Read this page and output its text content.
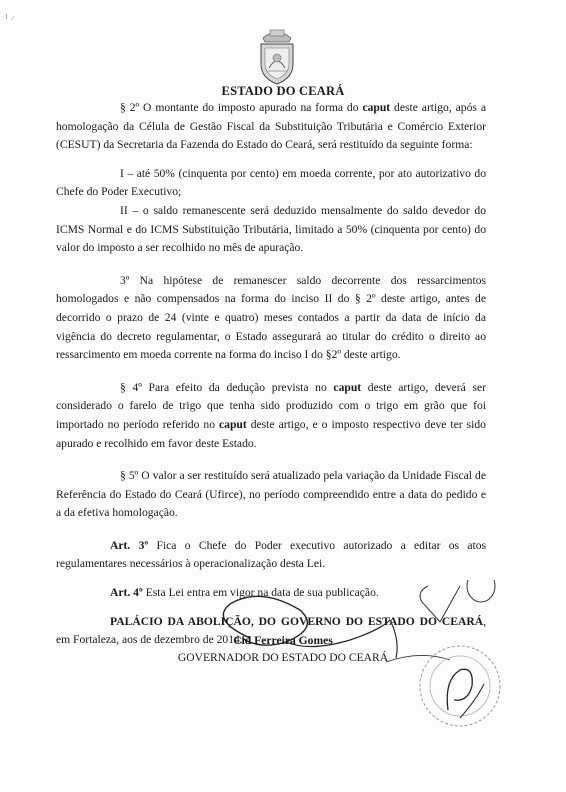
ı ⸝
ESTADO DO CEARÁ

§ 2º O montante do imposto apurado na forma do caput deste artigo, após a homologação da Célula de Gestão Fiscal da Substituição Tributária e Comércio Exterior (CESUT) da Secretaria da Fazenda do Estado do Ceará, será restituído da seguinte forma:

I – até 50% (cinquenta por cento) em moeda corrente, por ato autorizativo do Chefe do Poder Executivo;

II – o saldo remanescente será deduzido mensalmente do saldo devedor do ICMS Normal e do ICMS Substituição Tributária, limitado a 50% (cinquenta por cento) do valor do imposto a ser recolhido no mês de apuração.

3º Na hipótese de remanescer saldo decorrente dos ressarcimentos homologados e não compensados na forma do inciso II do § 2º deste artigo, antes de decorrido o prazo de 24 (vinte e quatro) meses contados a partir da data de início da vigência do decreto regulamentar, o Estado assegurará ao titular do crédito o direito ao ressarcimento em moeda corrente na forma do inciso I do §2º deste artigo.

§ 4º Para efeito da dedução prevista no caput deste artigo, deverá ser considerado o farelo de trigo que tenha sido produzido com o trigo em grão que foi importado no período referido no caput deste artigo, e o imposto respectivo deve ter sido apurado e recolhido em favor deste Estado.

§ 5º O valor a ser restituído será atualizado pela variação da Unidade Fiscal de Referência do Estado do Ceará (Ufirce), no período compreendido entre a data do pedido e a da efetiva homologação.

Art. 3º Fica o Chefe do Poder executivo autorizado a editar os atos regulamentares necessários à operacionalização desta Lei.

Art. 4º Esta Lei entra em vigor na data de sua publicação.

PALÁCIO DA ABOLIÇÃO, DO GOVERNO DO ESTADO DO CEARÁ, em Fortaleza, aos de dezembro de 2014.

Cid Ferreira Gomes
GOVERNADOR DO ESTADO DO CEARÁ
